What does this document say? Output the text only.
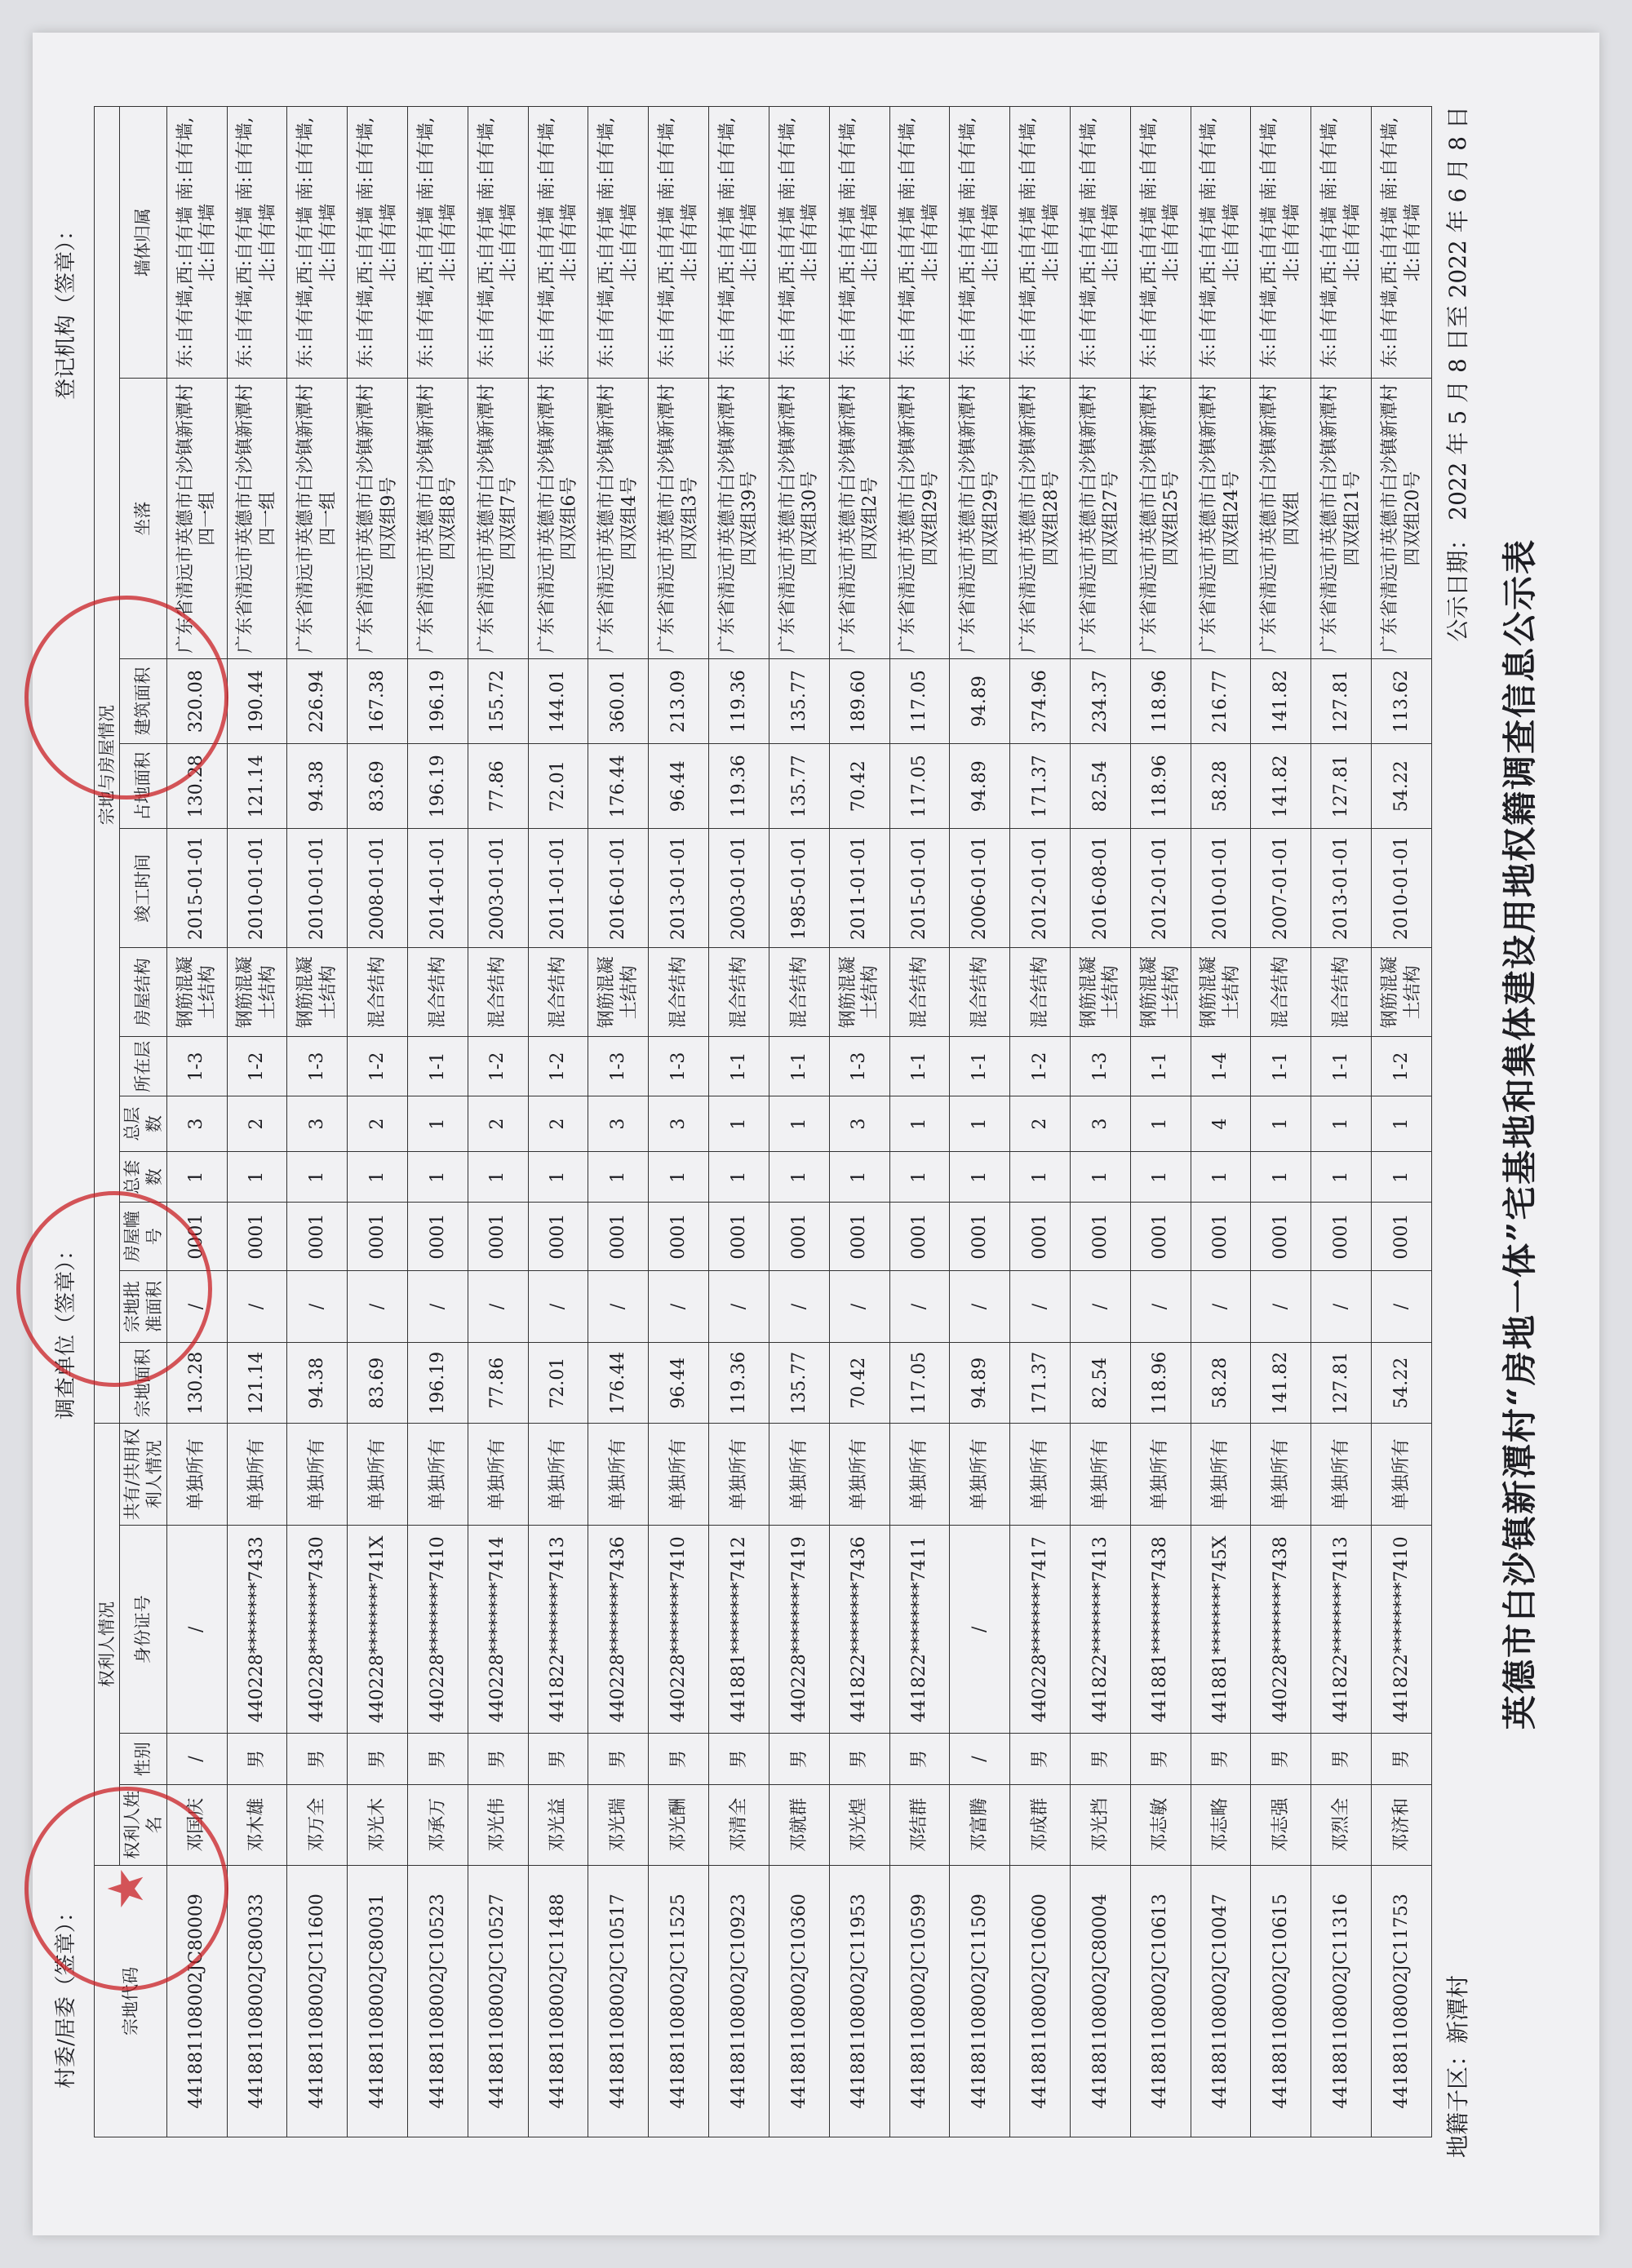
地籍子区：新潭村
公示日期： 2022 年 5 月 8 日至 2022 年 6 月 8 日
英德市白沙镇新潭村“房地一体”宅基地和集体建设用地权籍调查信息公示表
宗地代码	权利人情况				宗地与房屋情况											
	权利人姓名	性别	身份证号	共有/共用权利人情况	宗地面积	宗地批准面积	房屋幢号	总套数	总层数	所在层	房屋结构	竣工时间	占地面积	建筑面积	坐落	墙体归属
441881108002JC80009	邓国庆	/	/	单独所有	130.28	/	0001	1	3	1-3	钢筋混凝土结构	2015-01-01	130.28	320.08	广东省清远市英德市白沙镇新潭村四一组	东:自有墙,西:自有墙 南:自有墙,北:自有墙
441881108002JC80033	邓木雄	男	440228********7433	单独所有	121.14	/	0001	1	2	1-2	钢筋混凝土结构	2010-01-01	121.14	190.44	广东省清远市英德市白沙镇新潭村四一组	东:自有墙,西:自有墙 南:自有墙,北:自有墙
441881108002JC11600	邓万全	男	440228********7430	单独所有	94.38	/	0001	1	3	1-3	钢筋混凝土结构	2010-01-01	94.38	226.94	广东省清远市英德市白沙镇新潭村四一组	东:自有墙,西:自有墙 南:自有墙,北:自有墙
441881108002JC80031	邓光木	男	440228********741X	单独所有	83.69	/	0001	1	2	1-2	混合结构	2008-01-01	83.69	167.38	广东省清远市英德市白沙镇新潭村四双组9号	东:自有墙,西:自有墙 南:自有墙,北:自有墙
441881108002JC10523	邓承万	男	440228********7410	单独所有	196.19	/	0001	1	1	1-1	混合结构	2014-01-01	196.19	196.19	广东省清远市英德市白沙镇新潭村四双组8号	东:自有墙,西:自有墙 南:自有墙,北:自有墙
441881108002JC10527	邓光伟	男	440228********7414	单独所有	77.86	/	0001	1	2	1-2	混合结构	2003-01-01	77.86	155.72	广东省清远市英德市白沙镇新潭村四双组7号	东:自有墙,西:自有墙 南:自有墙,北:自有墙
441881108002JC11488	邓光益	男	441822********7413	单独所有	72.01	/	0001	1	2	1-2	混合结构	2011-01-01	72.01	144.01	广东省清远市英德市白沙镇新潭村四双组6号	东:自有墙,西:自有墙 南:自有墙,北:自有墙
441881108002JC10517	邓光瑞	男	440228********7436	单独所有	176.44	/	0001	1	3	1-3	钢筋混凝土结构	2016-01-01	176.44	360.01	广东省清远市英德市白沙镇新潭村四双组4号	东:自有墙,西:自有墙 南:自有墙,北:自有墙
441881108002JC11525	邓光酬	男	440228********7410	单独所有	96.44	/	0001	1	3	1-3	混合结构	2013-01-01	96.44	213.09	广东省清远市英德市白沙镇新潭村四双组3号	东:自有墙,西:自有墙 南:自有墙,北:自有墙
441881108002JC10923	邓清全	男	441881********7412	单独所有	119.36	/	0001	1	1	1-1	混合结构	2003-01-01	119.36	119.36	广东省清远市英德市白沙镇新潭村四双组39号	东:自有墙,西:自有墙 南:自有墙,北:自有墙
441881108002JC10360	邓就群	男	440228********7419	单独所有	135.77	/	0001	1	1	1-1	混合结构	1985-01-01	135.77	135.77	广东省清远市英德市白沙镇新潭村四双组30号	东:自有墙,西:自有墙 南:自有墙,北:自有墙
441881108002JC11953	邓光煌	男	441822********7436	单独所有	70.42	/	0001	1	3	1-3	钢筋混凝土结构	2011-01-01	70.42	189.60	广东省清远市英德市白沙镇新潭村四双组2号	东:自有墙,西:自有墙 南:自有墙,北:自有墙
441881108002JC10599	邓结群	男	441822********7411	单独所有	117.05	/	0001	1	1	1-1	混合结构	2015-01-01	117.05	117.05	广东省清远市英德市白沙镇新潭村四双组29号	东:自有墙,西:自有墙 南:自有墙,北:自有墙
441881108002JC11509	邓富腾	/	/	单独所有	94.89	/	0001	1	1	1-1	混合结构	2006-01-01	94.89	94.89	广东省清远市英德市白沙镇新潭村四双组29号	东:自有墙,西:自有墙 南:自有墙,北:自有墙
441881108002JC10600	邓成群	男	440228********7417	单独所有	171.37	/	0001	1	2	1-2	混合结构	2012-01-01	171.37	374.96	广东省清远市英德市白沙镇新潭村四双组28号	东:自有墙,西:自有墙 南:自有墙,北:自有墙
441881108002JC80004	邓光挡	男	441822********7413	单独所有	82.54	/	0001	1	3	1-3	钢筋混凝土结构	2016-08-01	82.54	234.37	广东省清远市英德市白沙镇新潭村四双组27号	东:自有墙,西:自有墙 南:自有墙,北:自有墙
441881108002JC10613	邓志敏	男	441881********7438	单独所有	118.96	/	0001	1	1	1-1	钢筋混凝土结构	2012-01-01	118.96	118.96	广东省清远市英德市白沙镇新潭村四双组25号	东:自有墙,西:自有墙 南:自有墙,北:自有墙
441881108002JC10047	邓志略	男	441881********745X	单独所有	58.28	/	0001	1	4	1-4	钢筋混凝土结构	2010-01-01	58.28	216.77	广东省清远市英德市白沙镇新潭村四双组24号	东:自有墙,西:自有墙 南:自有墙,北:自有墙
441881108002JC10615	邓志强	男	440228********7438	单独所有	141.82	/	0001	1	1	1-1	混合结构	2007-01-01	141.82	141.82	广东省清远市英德市白沙镇新潭村四双组	东:自有墙,西:自有墙 南:自有墙,北:自有墙
441881108002JC11316	邓烈全	男	441822********7413	单独所有	127.81	/	0001	1	1	1-1	混合结构	2013-01-01	127.81	127.81	广东省清远市英德市白沙镇新潭村四双组21号	东:自有墙,西:自有墙 南:自有墙,北:自有墙
441881108002JC11753	邓济和	男	441822********7410	单独所有	54.22	/	0001	1	1	1-2	钢筋混凝土结构	2010-01-01	54.22	113.62	广东省清远市英德市白沙镇新潭村四双组20号	东:自有墙,西:自有墙 南:自有墙,北:自有墙
村委/居委（签章）：
调查单位（签章）：
登记机构（签章）：
★
